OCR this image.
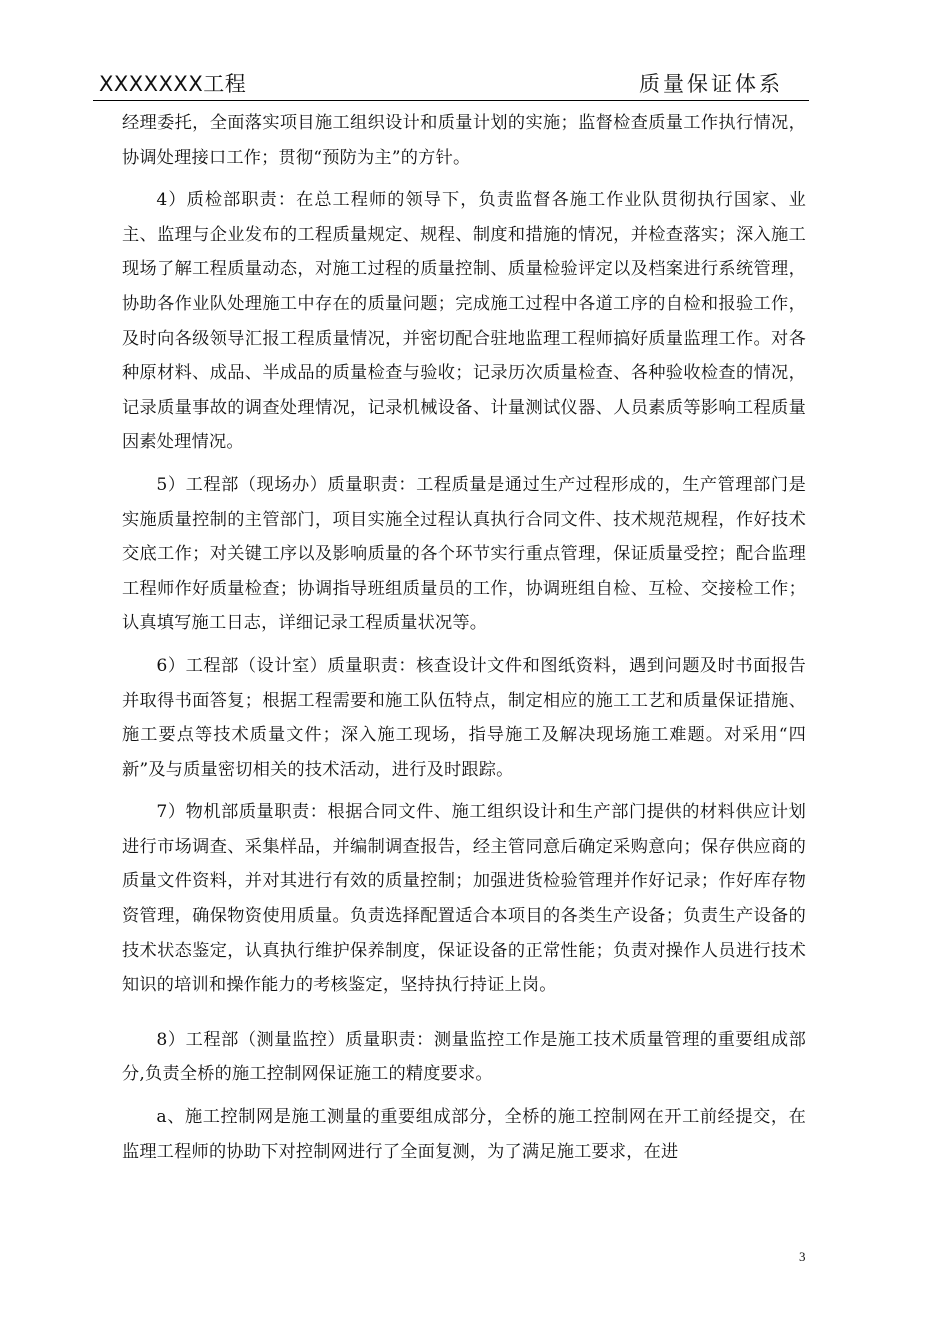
XXXXXXX工程	质量保证体系

经理委托，全面落实项目施工组织设计和质量计划的实施；监督检查质量工作执行情况，协调处理接口工作；贯彻“预防为主”的方针。

4）质检部职责：在总工程师的领导下，负责监督各施工作业队贯彻执行国家、业主、监理与企业发布的工程质量规定、规程、制度和措施的情况，并检查落实；深入施工现场了解工程质量动态，对施工过程的质量控制、质量检验评定以及档案进行系统管理，协助各作业队处理施工中存在的质量问题；完成施工过程中各道工序的自检和报验工作，及时向各级领导汇报工程质量情况，并密切配合驻地监理工程师搞好质量监理工作。对各种原材料、成品、半成品的质量检查与验收；记录历次质量检查、各种验收检查的情况，记录质量事故的调查处理情况，记录机械设备、计量测试仪器、人员素质等影响工程质量因素处理情况。

5）工程部（现场办）质量职责：工程质量是通过生产过程形成的，生产管理部门是实施质量控制的主管部门，项目实施全过程认真执行合同文件、技术规范规程，作好技术交底工作；对关键工序以及影响质量的各个环节实行重点管理，保证质量受控；配合监理工程师作好质量检查；协调指导班组质量员的工作，协调班组自检、互检、交接检工作；认真填写施工日志，详细记录工程质量状况等。

6）工程部（设计室）质量职责：核查设计文件和图纸资料，遇到问题及时书面报告并取得书面答复；根据工程需要和施工队伍特点，制定相应的施工工艺和质量保证措施、施工要点等技术质量文件；深入施工现场，指导施工及解决现场施工难题。对采用“四新”及与质量密切相关的技术活动，进行及时跟踪。

7）物机部质量职责：根据合同文件、施工组织设计和生产部门提供的材料供应计划进行市场调查、采集样品，并编制调查报告，经主管同意后确定采购意向；保存供应商的质量文件资料，并对其进行有效的质量控制；加强进货检验管理并作好记录；作好库存物资管理，确保物资使用质量。负责选择配置适合本项目的各类生产设备；负责生产设备的技术状态鉴定，认真执行维护保养制度，保证设备的正常性能；负责对操作人员进行技术知识的培训和操作能力的考核鉴定，坚持执行持证上岗。

8）工程部（测量监控）质量职责：测量监控工作是施工技术质量管理的重要组成部分,负责全桥的施工控制网保证施工的精度要求。

a、施工控制网是施工测量的重要组成部分，全桥的施工控制网在开工前经提交，在监理工程师的协助下对控制网进行了全面复测，为了满足施工要求，在进

3
